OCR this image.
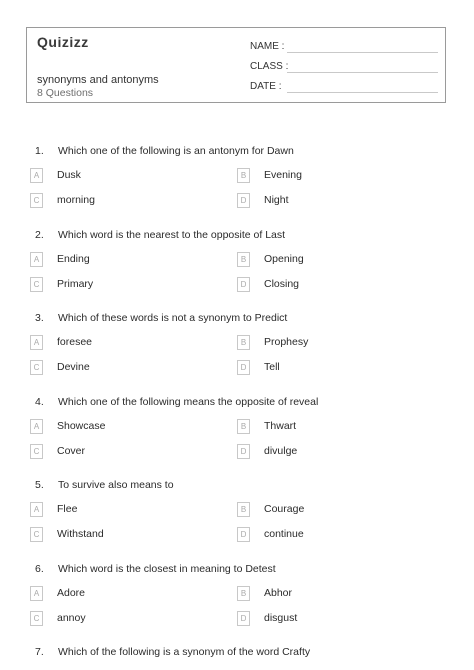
Quizizz
synonyms and antonyms
8 Questions
NAME :
CLASS :
DATE :
1. Which one of the following is an antonym for Dawn
A	Dusk	B	Evening
C	morning	D	Night
2. Which word is the nearest to the opposite of Last
A	Ending	B	Opening
C	Primary	D	Closing
3. Which of these words is not a synonym to Predict
A	foresee	B	Prophesy
C	Devine	D	Tell
4. Which one of the following means the opposite of reveal
A	Showcase	B	Thwart
C	Cover	D	divulge
5. To survive also means to
A	Flee	B	Courage
C	Withstand	D	continue
6. Which word is the closest in meaning to Detest
A	Adore	B	Abhor
C	annoy	D	disgust
7. Which of the following is a synonym of the word Crafty
